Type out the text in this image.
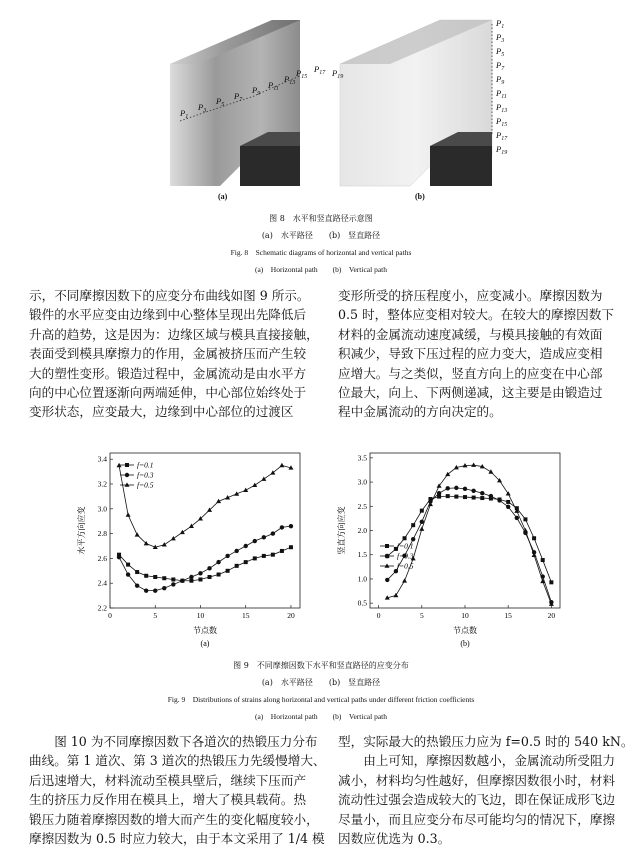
$P_1$
$P_3$
$P_5$
$P_7$
$P_9$
$P_{11}$
$P_{13}$
$P_{15}$
$P_{17}$ $P_{19}$
$P_1$
$P_3$
$P_5$
$P_7$
$P_9$
$P_{11}$
$P_{13}$
$P_{15}$
$P_{17}$
$P_{19}$
(a)	(b)
图 8　水平和竖直路径示意图
(a)　水平路径　　(b)　竖直路径
Fig. 8　Schematic diagrams of horizontal and vertical paths
(a)　Horizontal path　　(b)　Vertical path
示，不同摩擦因数下的应变分布曲线如图 9 所示。
锻件的水平应变由边缘到中心整体呈现出先降低后
升高的趋势，这是因为：边缘区域与模具直接接触，
表面受到模具摩擦力的作用，金属被挤压而产生较
大的塑性变形。锻造过程中，金属流动是由水平方
向的中心位置逐渐向两端延伸，中心部位始终处于
变形状态，应变最大，边缘到中心部位的过渡区
变形所受的挤压程度小，应变减小。摩擦因数为
0.5 时，整体应变相对较大。在较大的摩擦因数下
材料的金属流动速度减缓，与模具接触的有效面
积减少，导致下压过程的应力变大，造成应变相
应增大。与之类似，竖直方向上的应变在中心部
位最大，向上、下两侧递减，这主要是由锻造过
程中金属流动的方向决定的。
0	5	10	15	20
2.2
2.4
2.6
2.8
3.0
3.2
3.4
节点数
水平方向应变
(a)
f=0.1
f=0.3
f=0.5
0	5	10	15	20
0.5
1.0
1.5
2.0
2.5
3.0
3.5
节点数
竖直方向应变
(b)
f=0.1
f=0.3
f=0.5
图 9　不同摩擦因数下水平和竖直路径的应变分布
(a)　水平路径　　(b)　竖直路径
Fig. 9　Distributions of strains along horizontal and vertical paths under different friction coefficients
(a)　Horizontal path　　(b)　Vertical path
　　图 10 为不同摩擦因数下各道次的热锻压力分布
曲线。第 1 道次、第 3 道次的热锻压力先缓慢增大、
后迅速增大，材料流动至模具壁后，继续下压而产
生的挤压力反作用在模具上，增大了模具载荷。热
锻压力随着摩擦因数的增大而产生的变化幅度较小，
摩擦因数为 0.5 时应力较大，由于本文采用了 1/4 模
型，实际最大的热锻压力应为 f=0.5 时的 540 kN。
　　由上可知，摩擦因数越小，金属流动所受阻力
减小，材料均匀性越好，但摩擦因数很小时，材料
流动性过强会造成较大的飞边，即在保证成形飞边
尽量小，而且应变分布尽可能均匀的情况下，摩擦
因数应优选为 0.3。
